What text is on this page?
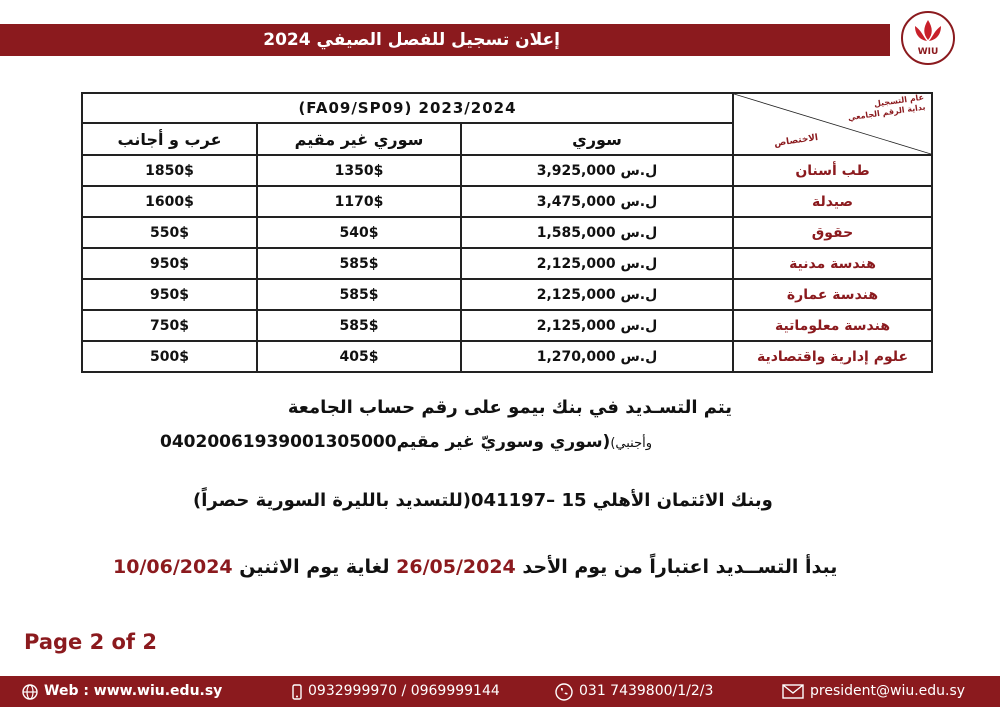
إعلان تسجيل للفصل الصيفي 2024
WIU
(FA09/SP09) 2023/2024			عام التسجيل
بداية الرقم الجامعي
الاختصاص

عرب و أجانب	سوري غير مقيم	سوري	
1850$	1350$	3,925,000 ل.س	طب أسنان
1600$	1170$	3,475,000 ل.س	صيدلة
550$	540$	1,585,000 ل.س	حقوق
950$	585$	2,125,000 ل.س	هندسة مدنية
950$	585$	2,125,000 ل.س	هندسة عمارة
750$	585$	2,125,000 ل.س	هندسة معلوماتية
500$	405$	1,270,000 ل.س	علوم إدارية واقتصادية
يتم التسـديد في بنك بيمو على رقم حساب الجامعة
وأجنبي)(سوري وسوريّ غير مقيم04020061939001305000
وبنك الائتمان الأهلي 15 –041197(للتسديد بالليرة السورية حصراً)
يبدأ التســديد اعتباراً من يوم الأحد 26/05/2024 لغاية يوم الاثنين 10/06/2024
Page 2 of 2
Web : www.wiu.edu.sy	0932999970 / 0969999144	031 7439800/1/2/3	president@wiu.edu.sy
